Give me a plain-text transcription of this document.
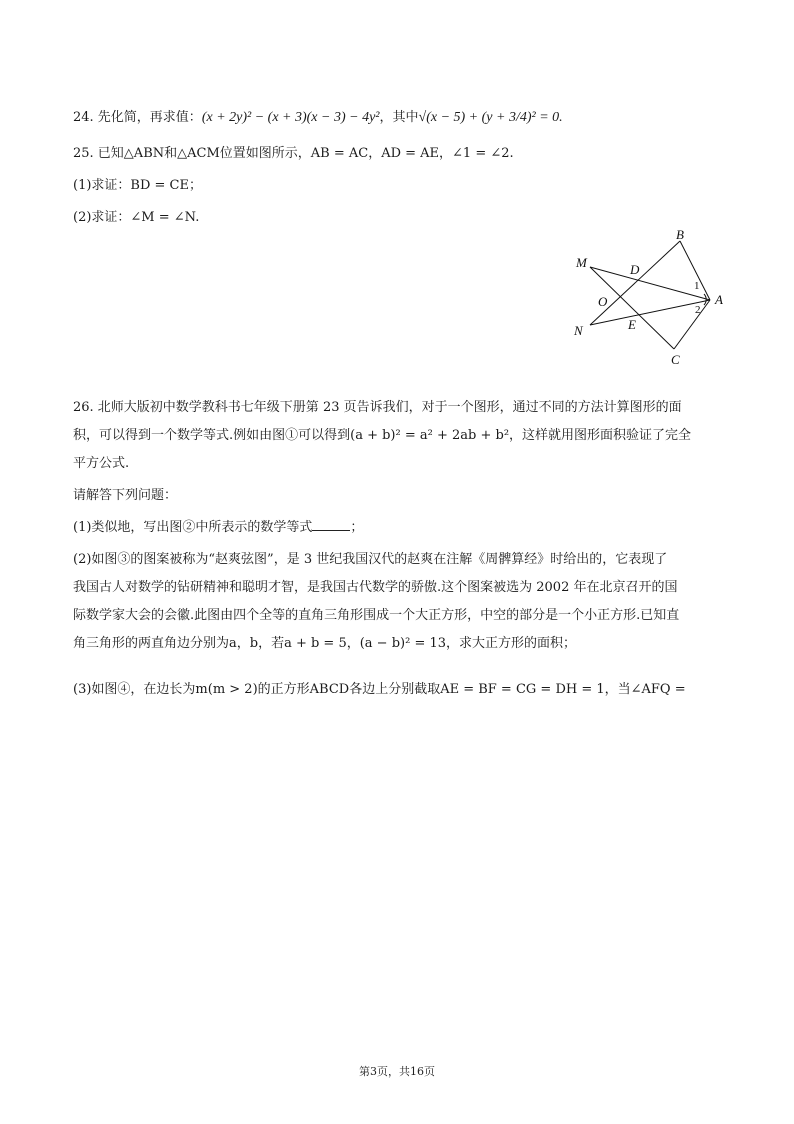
24. 先化简，再求值：(x + 2y)² − (x + 3)(x − 3) − 4y²，其中√(x − 5) + (y + 3/4)² = 0.
25. 已知△ABN和△ACM位置如图所示，AB = AC，AD = AE，∠1 = ∠2.
(1)求证：BD = CE；
(2)求证：∠M = ∠N.
B
M	D
O	A
N	E
C
1
2
26. 北师大版初中数学教科书七年级下册第 23 页告诉我们，对于一个图形，通过不同的方法计算图形的面
积，可以得到一个数学等式.例如由图①可以得到(a + b)² = a² + 2ab + b²，这样就用图形面积验证了完全
平方公式.
请解答下列问题：
(1)类似地，写出图②中所表示的数学等式	；
(2)如图③的图案被称为“赵爽弦图”，是 3 世纪我国汉代的赵爽在注解《周髀算经》时给出的，它表现了
我国古人对数学的钻研精神和聪明才智，是我国古代数学的骄傲.这个图案被选为 2002 年在北京召开的国
际数学家大会的会徽.此图由四个全等的直角三角形围成一个大正方形，中空的部分是一个小正方形.已知直
角三角形的两直角边分别为a，b，若a + b = 5，(a − b)² = 13，求大正方形的面积；
(3)如图④，在边长为m(m > 2)的正方形ABCD各边上分别截取AE = BF = CG = DH = 1，当∠AFQ =
第3页，共16页
